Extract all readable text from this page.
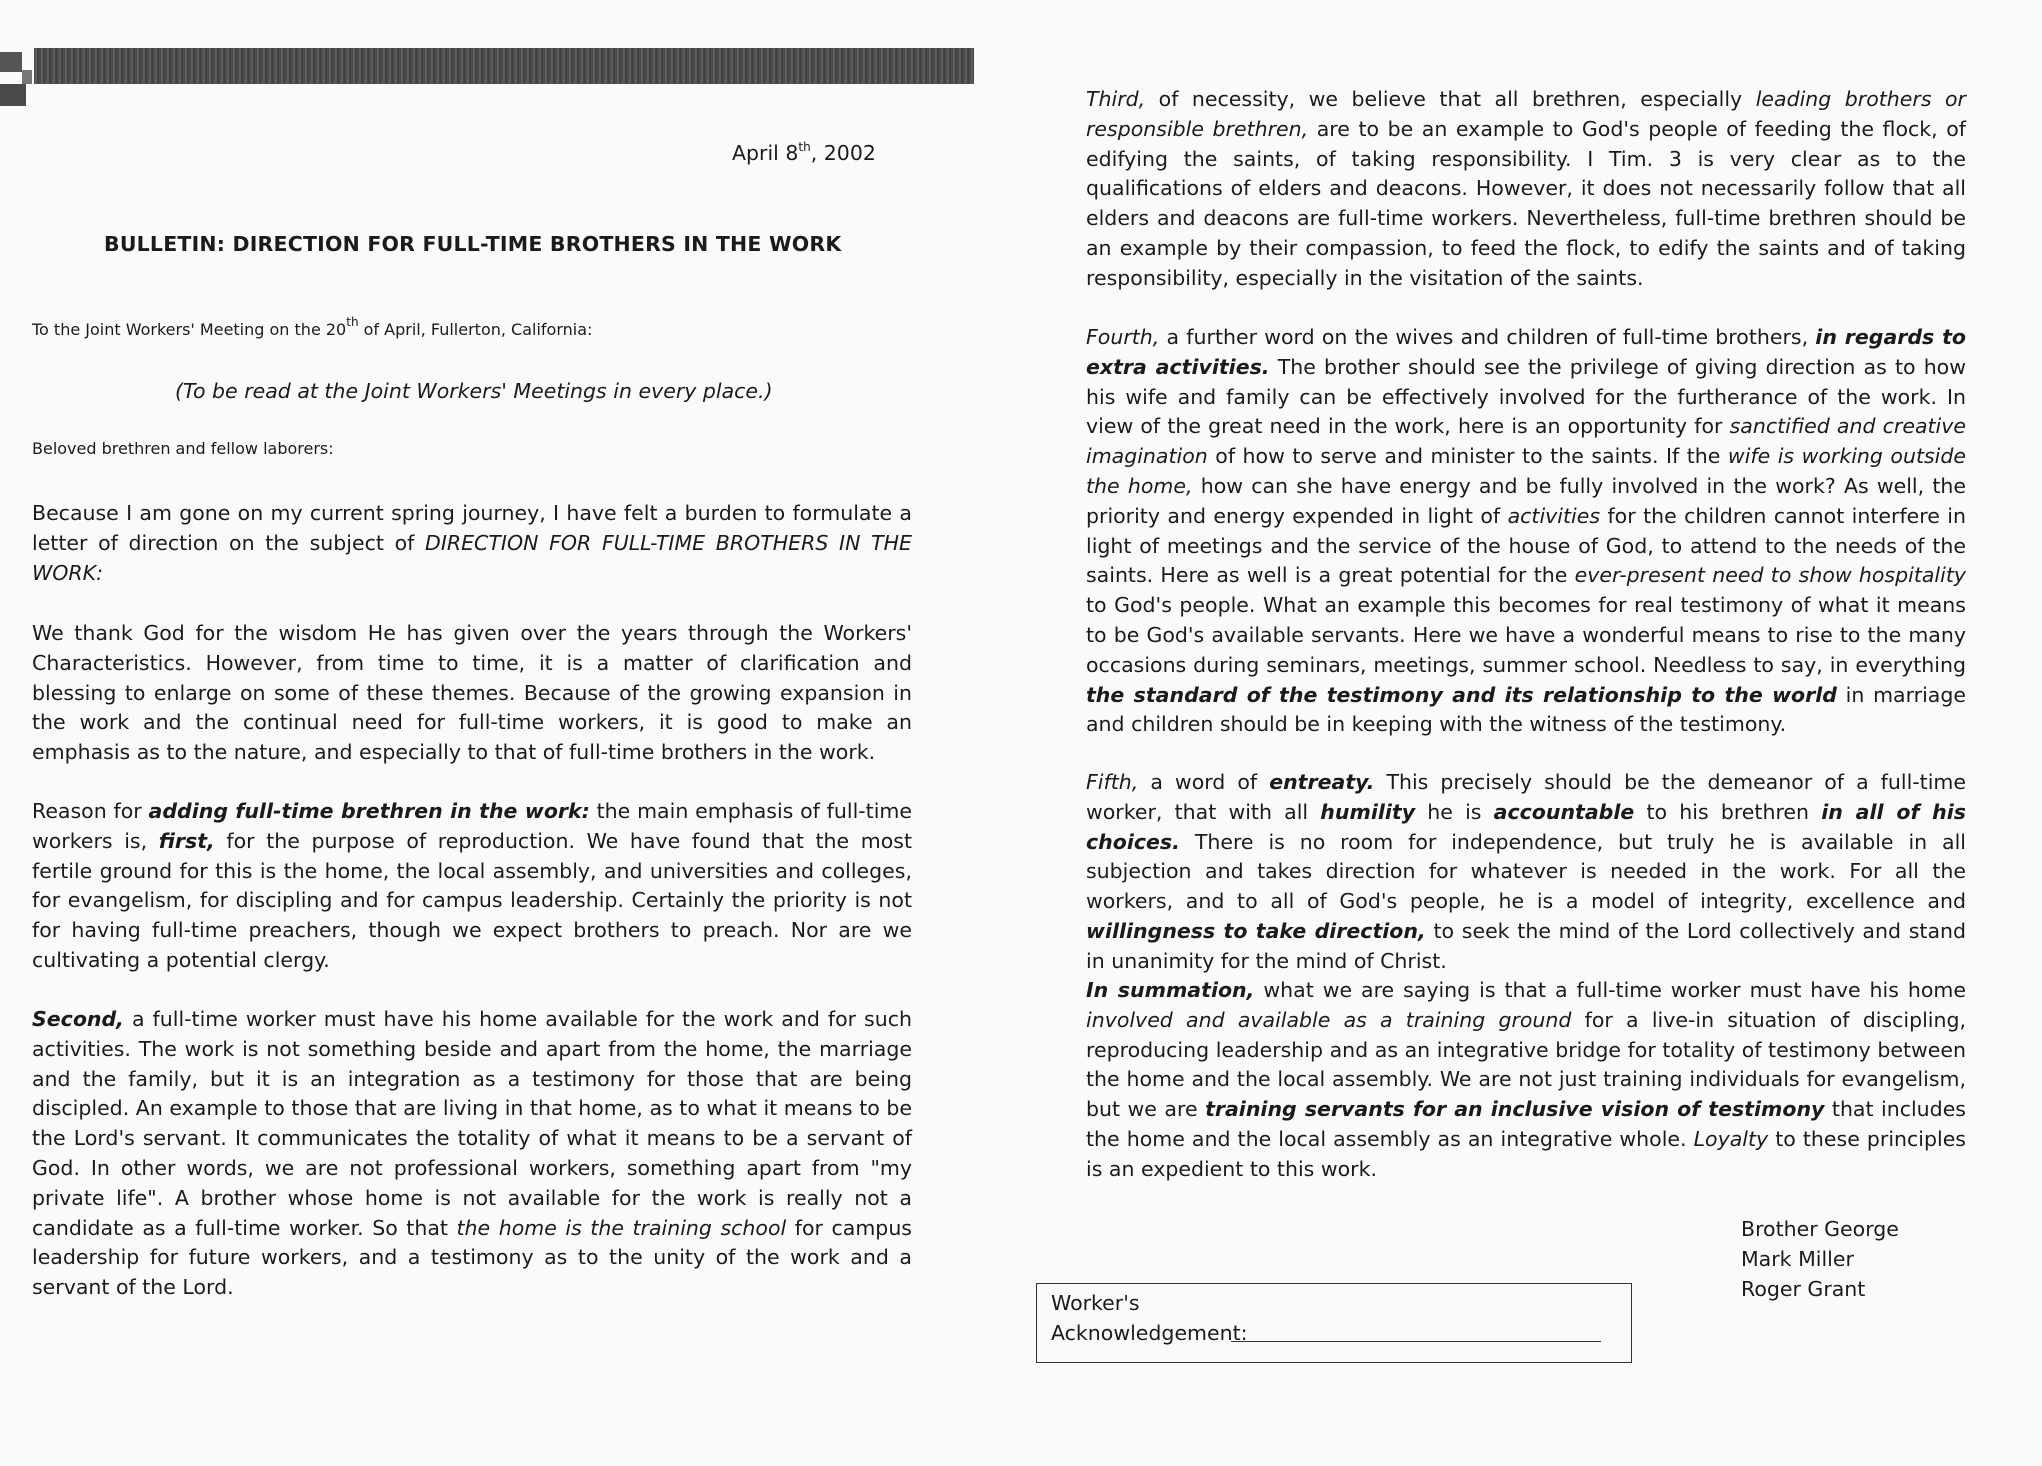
April 8th, 2002
BULLETIN: DIRECTION FOR FULL-TIME BROTHERS IN THE WORK

To the Joint Workers' Meeting on the 20th of April, Fullerton, California:

(To be read at the Joint Workers' Meetings in every place.)

Beloved brethren and fellow laborers:

Because I am gone on my current spring journey, I have felt a burden to formulate a letter of direction on the subject of DIRECTION FOR FULL-TIME BROTHERS IN THE WORK:

We thank God for the wisdom He has given over the years through the Workers' Characteristics. However, from time to time, it is a matter of clarification and blessing to enlarge on some of these themes. Because of the growing expansion in the work and the continual need for full-time workers, it is good to make an emphasis as to the nature, and especially to that of full-time brothers in the work.

Reason for adding full-time brethren in the work: the main emphasis of full-time workers is, first, for the purpose of reproduction. We have found that the most fertile ground for this is the home, the local assembly, and universities and colleges, for evangelism, for discipling and for campus leadership. Certainly the priority is not for having full-time preachers, though we expect brothers to preach. Nor are we cultivating a potential clergy.

Second, a full-time worker must have his home available for the work and for such activities. The work is not something beside and apart from the home, the marriage and the family, but it is an integration as a testimony for those that are being discipled. An example to those that are living in that home, as to what it means to be the Lord's servant. It communicates the totality of what it means to be a servant of God. In other words, we are not professional workers, something apart from "my private life". A brother whose home is not available for the work is really not a candidate as a full-time worker. So that the home is the training school for campus leadership for future workers, and a testimony as to the unity of the work and a servant of the Lord.

Third, of necessity, we believe that all brethren, especially leading brothers or responsible brethren, are to be an example to God's people of feeding the flock, of edifying the saints, of taking responsibility. I Tim. 3 is very clear as to the qualifications of elders and deacons. However, it does not necessarily follow that all elders and deacons are full-time workers. Nevertheless, full-time brethren should be an example by their compassion, to feed the flock, to edify the saints and of taking responsibility, especially in the visitation of the saints.

Fourth, a further word on the wives and children of full-time brothers, in regards to extra activities. The brother should see the privilege of giving direction as to how his wife and family can be effectively involved for the furtherance of the work. In view of the great need in the work, here is an opportunity for sanctified and creative imagination of how to serve and minister to the saints. If the wife is working outside the home, how can she have energy and be fully involved in the work? As well, the priority and energy expended in light of activities for the children cannot interfere in light of meetings and the service of the house of God, to attend to the needs of the saints. Here as well is a great potential for the ever-present need to show hospitality to God's people. What an example this becomes for real testimony of what it means to be God's available servants. Here we have a wonderful means to rise to the many occasions during seminars, meetings, summer school. Needless to say, in everything the standard of the testimony and its relationship to the world in marriage and children should be in keeping with the witness of the testimony.

Fifth, a word of entreaty. This precisely should be the demeanor of a full-time worker, that with all humility he is accountable to his brethren in all of his choices. There is no room for independence, but truly he is available in all subjection and takes direction for whatever is needed in the work. For all the workers, and to all of God's people, he is a model of integrity, excellence and willingness to take direction, to seek the mind of the Lord collectively and stand in unanimity for the mind of Christ.

In summation, what we are saying is that a full-time worker must have his home involved and available as a training ground for a live-in situation of discipling, reproducing leadership and as an integrative bridge for totality of testimony between the home and the local assembly. We are not just training individuals for evangelism, but we are training servants for an inclusive vision of testimony that includes the home and the local assembly as an integrative whole. Loyalty to these principles is an expedient to this work.

Brother George
Mark Miller
Roger Grant
Worker's
Acknowledgement:
